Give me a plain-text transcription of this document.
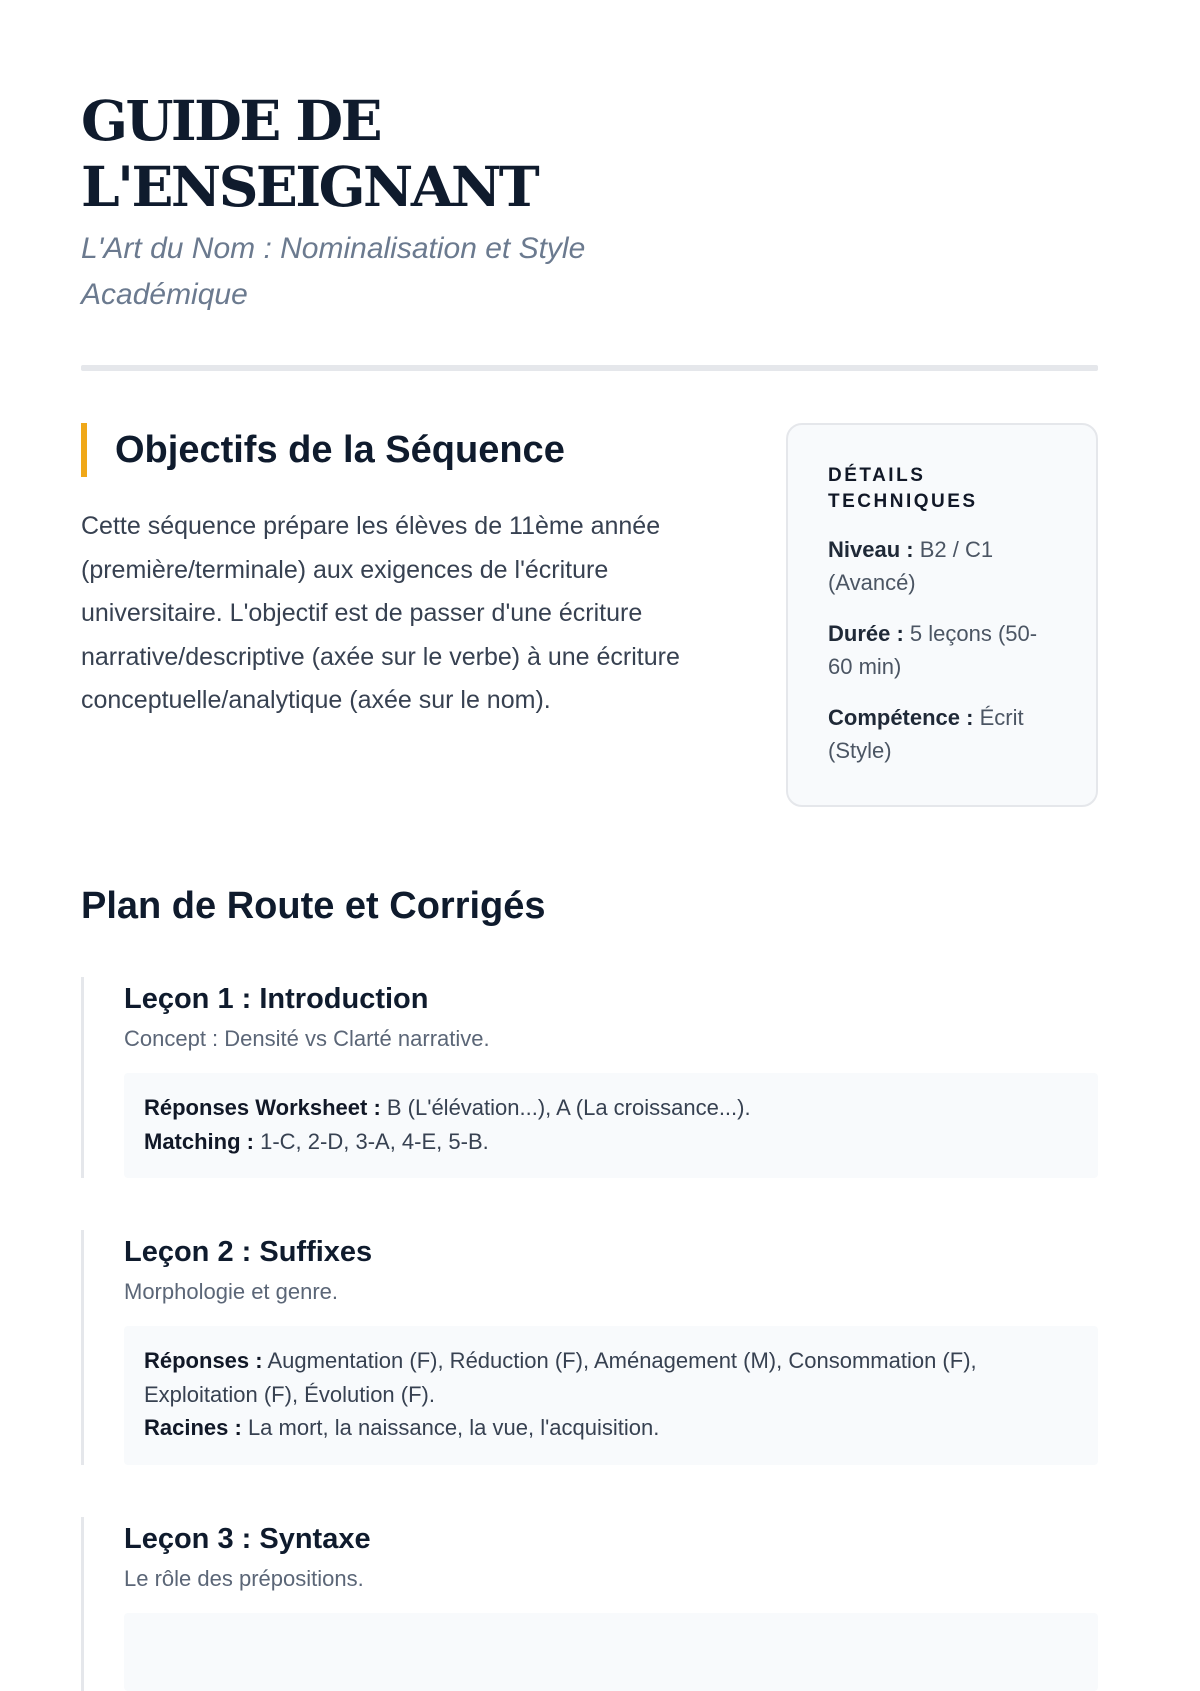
GUIDE DE
L'ENSEIGNANT

L'Art du Nom : Nominalisation et Style
Académique

Objectifs de la Séquence

Cette séquence prépare les élèves de 11ème année (première/terminale) aux exigences de l'écriture universitaire. L'objectif est de passer d'une écriture narrative/descriptive (axée sur le verbe) à une écriture conceptuelle/analytique (axée sur le nom).

DÉTAILS
TECHNIQUES

Niveau : B2 / C1 (Avancé)

Durée : 5 leçons (50-60 min)

Compétence : Écrit (Style)

Plan de Route et Corrigés
Leçon 1 : Introduction

Concept : Densité vs Clarté narrative.

Réponses Worksheet : B (L'élévation...), A (La croissance...).
Matching : 1-C, 2-D, 3-A, 4-E, 5-B.
Leçon 2 : Suffixes

Morphologie et genre.

Réponses : Augmentation (F), Réduction (F), Aménagement (M), Consommation (F), Exploitation (F), Évolution (F).
Racines : La mort, la naissance, la vue, l'acquisition.
Leçon 3 : Syntaxe

Le rôle des prépositions.
